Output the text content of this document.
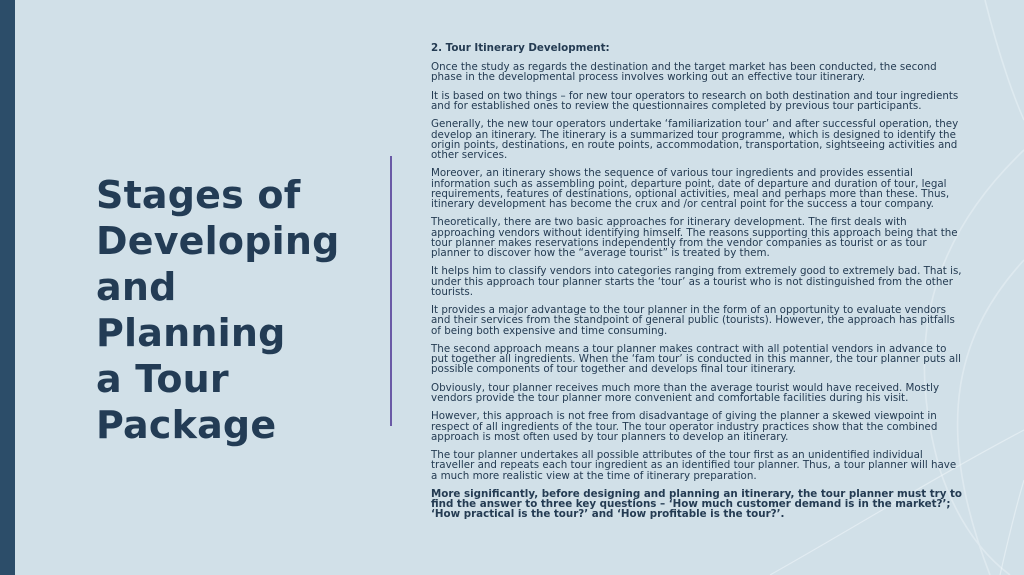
Stages of
Developing
and Planning
a Tour
Package

2. Tour Itinerary Development:

Once the study as regards the destination and the target market has been conducted, the second phase in the developmental process involves working out an effective tour itinerary.

It is based on two things – for new tour operators to research on both destination and tour ingredients and for established ones to review the questionnaires completed by previous tour participants.

Generally, the new tour operators undertake ‘familiarization tour’ and after successful operation, they develop an itinerary. The itinerary is a summarized tour programme, which is designed to identify the origin points, destinations, en route points, accommodation, transportation, sightseeing activities and other services.

Moreover, an itinerary shows the sequence of various tour ingredients and provides essential information such as assembling point, departure point, date of departure and duration of tour, legal requirements, features of destinations, optional activities, meal and perhaps more than these. Thus, itinerary development has become the crux and /or central point for the success a tour company.

Theoretically, there are two basic approaches for itinerary development. The first deals with approaching vendors without identifying himself. The reasons supporting this approach being that the tour planner makes reservations independently from the vendor companies as tourist or as tour planner to discover how the “average tourist” is treated by them.

It helps him to classify vendors into categories ranging from extremely good to extremely bad. That is, under this approach tour planner starts the ‘tour’ as a tourist who is not distinguished from the other tourists.

It provides a major advantage to the tour planner in the form of an opportunity to evaluate vendors and their services from the standpoint of general public (tourists). However, the approach has pitfalls of being both expensive and time consuming.

The second approach means a tour planner makes contract with all potential vendors in advance to put together all ingredients. When the ‘fam tour’ is conducted in this manner, the tour planner puts all possible components of tour together and develops final tour itinerary.

Obviously, tour planner receives much more than the average tourist would have received. Mostly vendors provide the tour planner more convenient and comfortable facilities during his visit.

However, this approach is not free from disadvantage of giving the planner a skewed viewpoint in respect of all ingredients of the tour. The tour operator industry practices show that the combined approach is most often used by tour planners to develop an itinerary.

The tour planner undertakes all possible attributes of the tour first as an unidentified individual traveller and repeats each tour ingredient as an identified tour planner. Thus, a tour planner will have a much more realistic view at the time of itinerary preparation.

More significantly, before designing and planning an itinerary, the tour planner must try to find the answer to three key questions – ‘How much customer demand is in the market?’; ‘How practical is the tour?’ and ‘How profitable is the tour?’.
